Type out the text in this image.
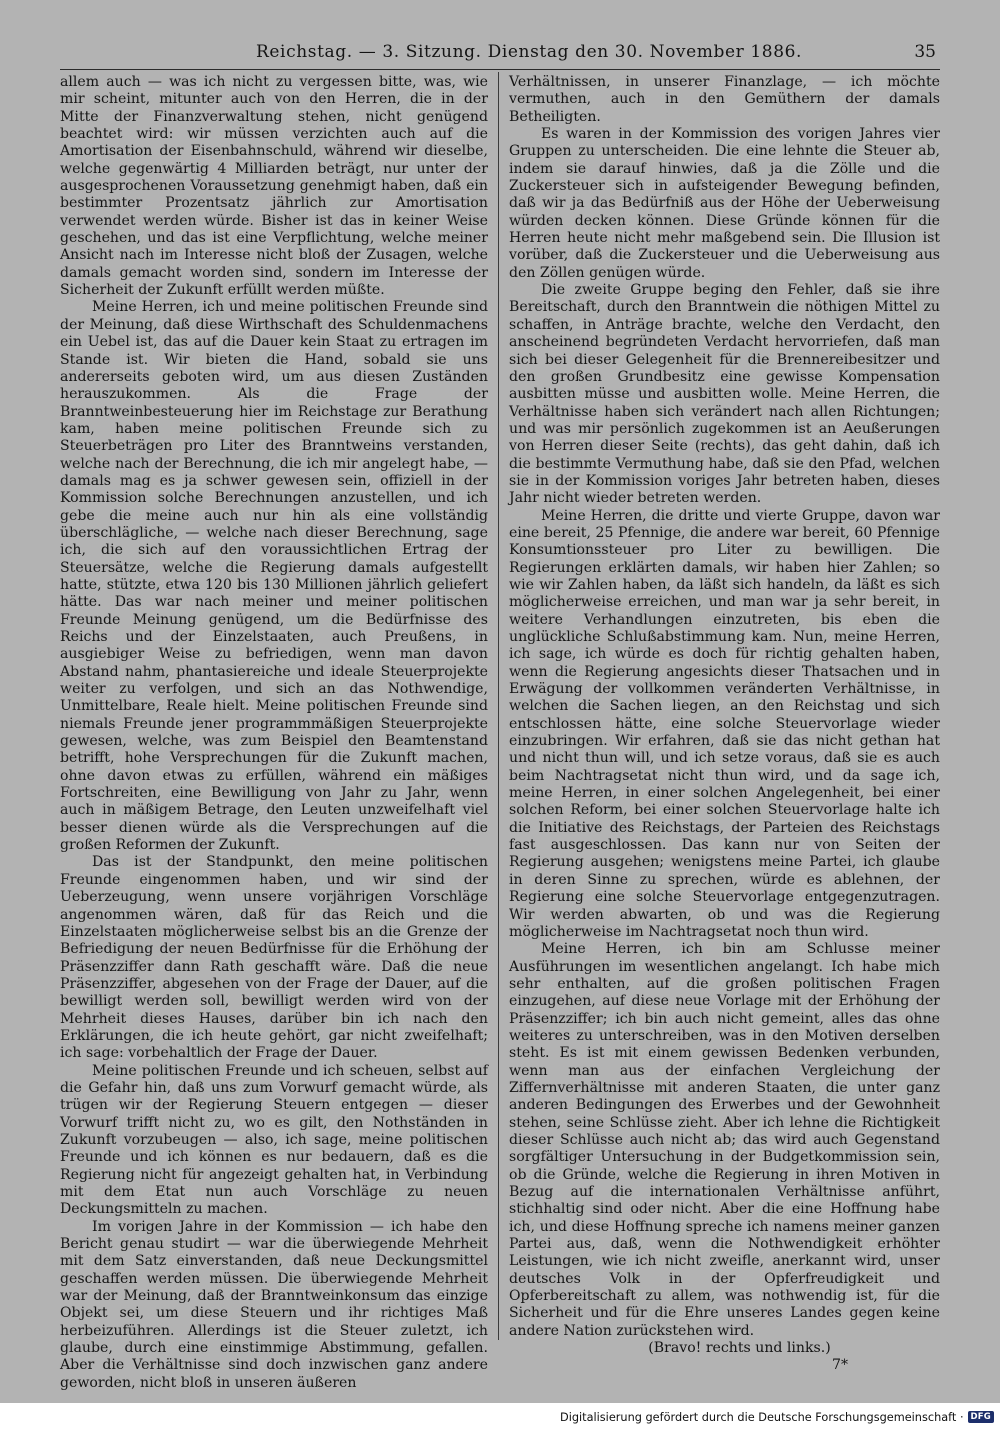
Reichstag. — 3. Sitzung. Dienstag den 30. November 1886.	35

allem auch — was ich nicht zu vergessen bitte, was, wie mir scheint, mitunter auch von den Herren, die in der Mitte der Finanzverwaltung stehen, nicht genügend beachtet wird: wir müssen verzichten auch auf die Amortisation der Eisenbahnschuld, während wir dieselbe, welche gegenwärtig 4 Milliarden beträgt, nur unter der ausgesprochenen Voraussetzung genehmigt haben, daß ein bestimmter Prozentsatz jährlich zur Amortisation verwendet werden würde. Bisher ist das in keiner Weise geschehen, und das ist eine Verpflichtung, welche meiner Ansicht nach im Interesse nicht bloß der Zusagen, welche damals gemacht worden sind, sondern im Interesse der Sicherheit der Zukunft erfüllt werden müßte.

Meine Herren, ich und meine politischen Freunde sind der Meinung, daß diese Wirthschaft des Schuldenmachens ein Uebel ist, das auf die Dauer kein Staat zu ertragen im Stande ist. Wir bieten die Hand, sobald sie uns andererseits geboten wird, um aus diesen Zuständen herauszukommen. Als die Frage der Branntweinbesteuerung hier im Reichstage zur Berathung kam, haben meine politischen Freunde sich zu Steuerbeträgen pro Liter des Branntweins verstanden, welche nach der Berechnung, die ich mir angelegt habe, — damals mag es ja schwer gewesen sein, offiziell in der Kommission solche Berechnungen anzustellen, und ich gebe die meine auch nur hin als eine vollständig überschlägliche, — welche nach dieser Berechnung, sage ich, die sich auf den voraussichtlichen Ertrag der Steuersätze, welche die Regierung damals aufgestellt hatte, stützte, etwa 120 bis 130 Millionen jährlich geliefert hätte. Das war nach meiner und meiner politischen Freunde Meinung genügend, um die Bedürfnisse des Reichs und der Einzelstaaten, auch Preußens, in ausgiebiger Weise zu befriedigen, wenn man davon Abstand nahm, phantasiereiche und ideale Steuerprojekte weiter zu verfolgen, und sich an das Nothwendige, Unmittelbare, Reale hielt. Meine politischen Freunde sind niemals Freunde jener programmmäßigen Steuerprojekte gewesen, welche, was zum Beispiel den Beamtenstand betrifft, hohe Versprechungen für die Zukunft machen, ohne davon etwas zu erfüllen, während ein mäßiges Fortschreiten, eine Bewilligung von Jahr zu Jahr, wenn auch in mäßigem Betrage, den Leuten unzweifelhaft viel besser dienen würde als die Versprechungen auf die großen Reformen der Zukunft.

Das ist der Standpunkt, den meine politischen Freunde eingenommen haben, und wir sind der Ueberzeugung, wenn unsere vorjährigen Vorschläge angenommen wären, daß für das Reich und die Einzelstaaten möglicherweise selbst bis an die Grenze der Befriedigung der neuen Bedürfnisse für die Erhöhung der Präsenzziffer dann Rath geschafft wäre. Daß die neue Präsenzziffer, abgesehen von der Frage der Dauer, auf die bewilligt werden soll, bewilligt werden wird von der Mehrheit dieses Hauses, darüber bin ich nach den Erklärungen, die ich heute gehört, gar nicht zweifelhaft; ich sage: vorbehaltlich der Frage der Dauer.

Meine politischen Freunde und ich scheuen, selbst auf die Gefahr hin, daß uns zum Vorwurf gemacht würde, als trügen wir der Regierung Steuern entgegen — dieser Vorwurf trifft nicht zu, wo es gilt, den Nothständen in Zukunft vorzubeugen — also, ich sage, meine politischen Freunde und ich können es nur bedauern, daß es die Regierung nicht für angezeigt gehalten hat, in Verbindung mit dem Etat nun auch Vorschläge zu neuen Deckungsmitteln zu machen.

Im vorigen Jahre in der Kommission — ich habe den Bericht genau studirt — war die überwiegende Mehrheit mit dem Satz einverstanden, daß neue Deckungsmittel geschaffen werden müssen. Die überwiegende Mehrheit war der Meinung, daß der Branntweinkonsum das einzige Objekt sei, um diese Steuern und ihr richtiges Maß herbeizuführen. Allerdings ist die Steuer zuletzt, ich glaube, durch eine einstimmige Abstimmung, gefallen. Aber die Verhältnisse sind doch inzwischen ganz andere geworden, nicht bloß in unseren äußeren

Verhältnissen, in unserer Finanzlage, — ich möchte vermuthen, auch in den Gemüthern der damals Betheiligten.

Es waren in der Kommission des vorigen Jahres vier Gruppen zu unterscheiden. Die eine lehnte die Steuer ab, indem sie darauf hinwies, daß ja die Zölle und die Zuckersteuer sich in aufsteigender Bewegung befinden, daß wir ja das Bedürfniß aus der Höhe der Ueberweisung würden decken können. Diese Gründe können für die Herren heute nicht mehr maßgebend sein. Die Illusion ist vorüber, daß die Zuckersteuer und die Ueberweisung aus den Zöllen genügen würde.

Die zweite Gruppe beging den Fehler, daß sie ihre Bereitschaft, durch den Branntwein die nöthigen Mittel zu schaffen, in Anträge brachte, welche den Verdacht, den anscheinend begründeten Verdacht hervorriefen, daß man sich bei dieser Gelegenheit für die Brennereibesitzer und den großen Grundbesitz eine gewisse Kompensation ausbitten müsse und ausbitten wolle. Meine Herren, die Verhältnisse haben sich verändert nach allen Richtungen; und was mir persönlich zugekommen ist an Aeußerungen von Herren dieser Seite (rechts), das geht dahin, daß ich die bestimmte Vermuthung habe, daß sie den Pfad, welchen sie in der Kommission voriges Jahr betreten haben, dieses Jahr nicht wieder betreten werden.

Meine Herren, die dritte und vierte Gruppe, davon war eine bereit, 25 Pfennige, die andere war bereit, 60 Pfennige Konsumtionssteuer pro Liter zu bewilligen. Die Regierungen erklärten damals, wir haben hier Zahlen; so wie wir Zahlen haben, da läßt sich handeln, da läßt es sich möglicherweise erreichen, und man war ja sehr bereit, in weitere Verhandlungen einzutreten, bis eben die unglückliche Schlußabstimmung kam. Nun, meine Herren, ich sage, ich würde es doch für richtig gehalten haben, wenn die Regierung angesichts dieser Thatsachen und in Erwägung der vollkommen veränderten Verhältnisse, in welchen die Sachen liegen, an den Reichstag und sich entschlossen hätte, eine solche Steuervorlage wieder einzubringen. Wir erfahren, daß sie das nicht gethan hat und nicht thun will, und ich setze voraus, daß sie es auch beim Nachtragsetat nicht thun wird, und da sage ich, meine Herren, in einer solchen Angelegenheit, bei einer solchen Reform, bei einer solchen Steuervorlage halte ich die Initiative des Reichstags, der Parteien des Reichstags fast ausgeschlossen. Das kann nur von Seiten der Regierung ausgehen; wenigstens meine Partei, ich glaube in deren Sinne zu sprechen, würde es ablehnen, der Regierung eine solche Steuervorlage entgegenzutragen. Wir werden abwarten, ob und was die Regierung möglicherweise im Nachtragsetat noch thun wird.

Meine Herren, ich bin am Schlusse meiner Ausführungen im wesentlichen angelangt. Ich habe mich sehr enthalten, auf die großen politischen Fragen einzugehen, auf diese neue Vorlage mit der Erhöhung der Präsenzziffer; ich bin auch nicht gemeint, alles das ohne weiteres zu unterschreiben, was in den Motiven derselben steht. Es ist mit einem gewissen Bedenken verbunden, wenn man aus der einfachen Vergleichung der Ziffernverhältnisse mit anderen Staaten, die unter ganz anderen Bedingungen des Erwerbes und der Gewohnheit stehen, seine Schlüsse zieht. Aber ich lehne die Richtigkeit dieser Schlüsse auch nicht ab; das wird auch Gegenstand sorgfältiger Untersuchung in der Budgetkommission sein, ob die Gründe, welche die Regierung in ihren Motiven in Bezug auf die internationalen Verhältnisse anführt, stichhaltig sind oder nicht. Aber die eine Hoffnung habe ich, und diese Hoffnung spreche ich namens meiner ganzen Partei aus, daß, wenn die Nothwendigkeit erhöhter Leistungen, wie ich nicht zweifle, anerkannt wird, unser deutsches Volk in der Opferfreudigkeit und Opferbereitschaft zu allem, was nothwendig ist, für die Sicherheit und für die Ehre unseres Landes gegen keine andere Nation zurückstehen wird.

(Bravo! rechts und links.)

7*

Digitalisierung gefördert durch die Deutsche Forschungsgemeinschaft · DFG
